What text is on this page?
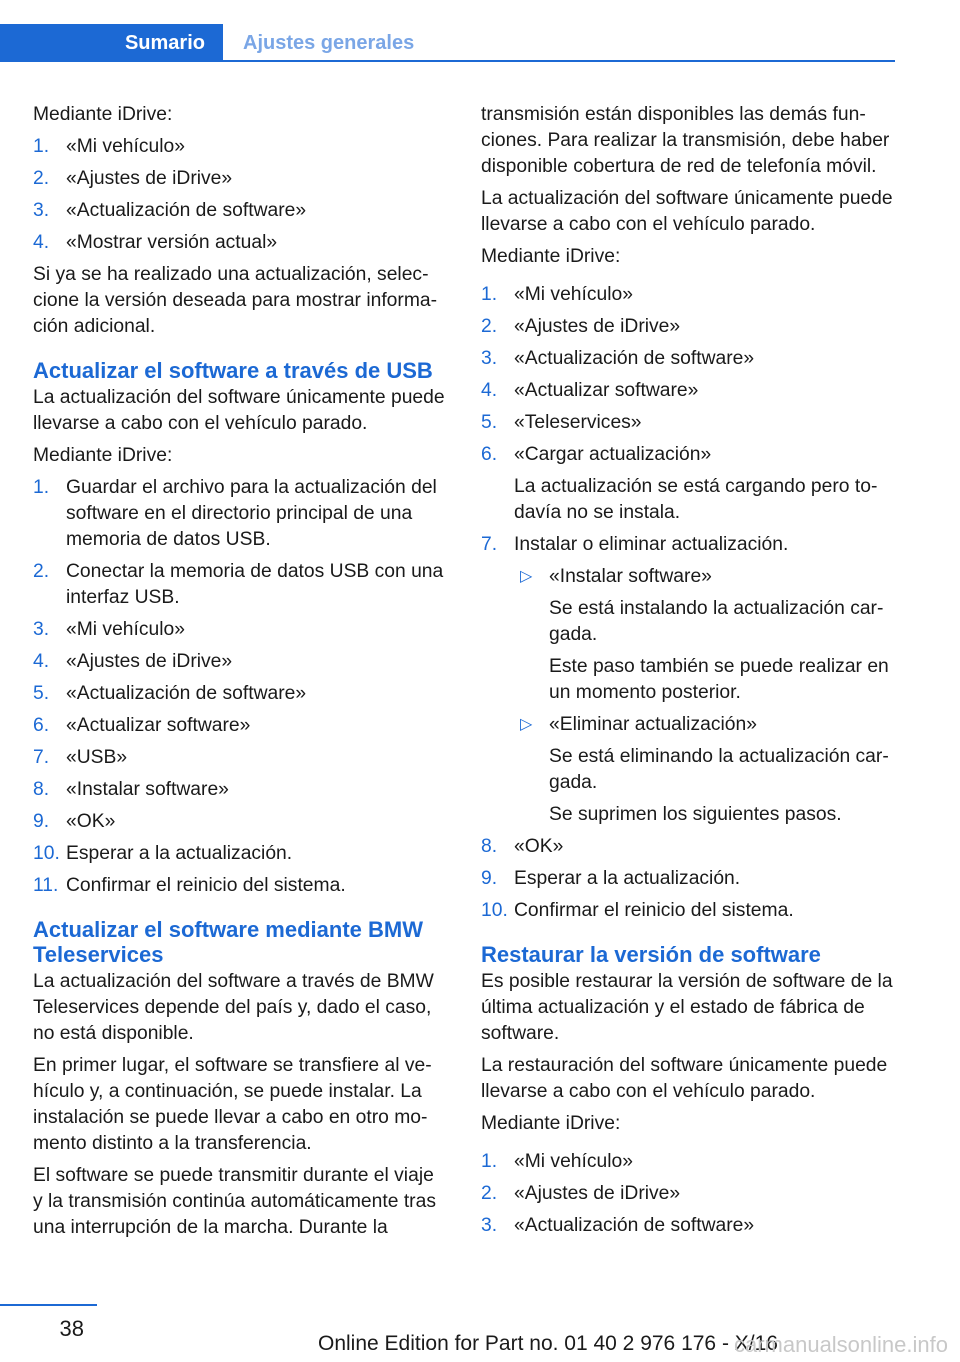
Sumario	Ajustes generales

Mediante iDrive:

1. «Mi vehículo»
2. «Ajustes de iDrive»
3. «Actualización de software»
4. «Mostrar versión actual»

Si ya se ha realizado una actualización, seleccione la versión deseada para mostrar información adicional.

Actualizar el software a través de USB

La actualización del software únicamente puede llevarse a cabo con el vehículo parado.

Mediante iDrive:

1. Guardar el archivo para la actualización del software en el directorio principal de una memoria de datos USB.
2. Conectar la memoria de datos USB con una interfaz USB.
3. «Mi vehículo»
4. «Ajustes de iDrive»
5. «Actualización de software»
6. «Actualizar software»
7. «USB»
8. «Instalar software»
9. «OK»
10. Esperar a la actualización.
11. Confirmar el reinicio del sistema.
Actualizar el software mediante BMW Teleservices

La actualización del software a través de BMW Teleservices depende del país y, dado el caso, no está disponible.

En primer lugar, el software se transfiere al vehículo y, a continuación, se puede instalar. La instalación se puede llevar a cabo en otro momento distinto a la transferencia.

El software se puede transmitir durante el viaje y la transmisión continúa automáticamente tras una interrupción de la marcha. Durante la

transmisión están disponibles las demás funciones. Para realizar la transmisión, debe haber disponible cobertura de red de telefonía móvil.

La actualización del software únicamente puede llevarse a cabo con el vehículo parado.

Mediante iDrive:

1. «Mi vehículo»
2. «Ajustes de iDrive»
3. «Actualización de software»
4. «Actualizar software»
5. «Teleservices»
6. «Cargar actualización»
La actualización se está cargando pero todavía no se instala.
7. Instalar o eliminar actualización.
▷ «Instalar software»
Se está instalando la actualización cargada.
Este paso también se puede realizar en un momento posterior.
▷ «Eliminar actualización»
Se está eliminando la actualización cargada.
Se suprimen los siguientes pasos.
8. «OK»
9. Esperar a la actualización.
10. Confirmar el reinicio del sistema.
Restaurar la versión de software

Es posible restaurar la versión de software de la última actualización y el estado de fábrica de software.

La restauración del software únicamente puede llevarse a cabo con el vehículo parado.

Mediante iDrive:

1. «Mi vehículo»
2. «Ajustes de iDrive»
3. «Actualización de software»
38
Online Edition for Part no. 01 40 2 976 176 - X/16
carmanualsonline.info
